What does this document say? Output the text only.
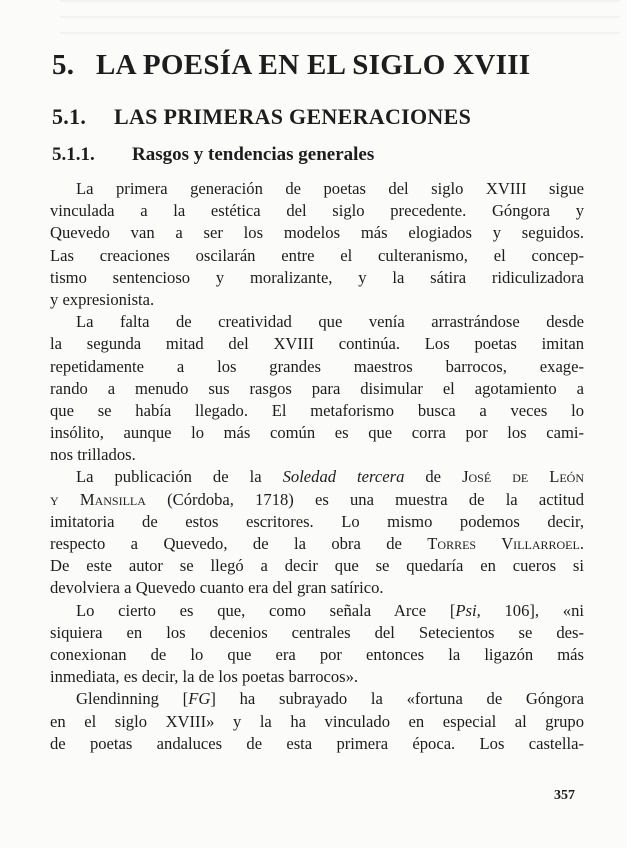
5. LA POESÍA EN EL SIGLO XVIII
5.1. LAS PRIMERAS GENERACIONES
5.1.1. Rasgos y tendencias generales
La primera generación de poetas del siglo XVIII sigue
vinculada a la estética del siglo precedente. Góngora y
Quevedo van a ser los modelos más elogiados y seguidos.
Las creaciones oscilarán entre el culteranismo, el concep-
tismo sentencioso y moralizante, y la sátira ridiculizadora
y expresionista.
La falta de creatividad que venía arrastrándose desde
la segunda mitad del XVIII continúa. Los poetas imitan
repetidamente a los grandes maestros barrocos, exage-
rando a menudo sus rasgos para disimular el agotamiento a
que se había llegado. El metaforismo busca a veces lo
insólito, aunque lo más común es que corra por los cami-
nos trillados.
La publicación de la Soledad tercera de José de León
y Mansilla (Córdoba, 1718) es una muestra de la actitud
imitatoria de estos escritores. Lo mismo podemos decir,
respecto a Quevedo, de la obra de Torres Villarroel.
De este autor se llegó a decir que se quedaría en cueros si
devolviera a Quevedo cuanto era del gran satírico.
Lo cierto es que, como señala Arce [Psi, 106], «ni
siquiera en los decenios centrales del Setecientos se des-
conexionan de lo que era por entonces la ligazón más
inmediata, es decir, la de los poetas barrocos».
Glendinning [FG] ha subrayado la «fortuna de Góngora
en el siglo XVIII» y la ha vinculado en especial al grupo
de poetas andaluces de esta primera época. Los castella-
357
